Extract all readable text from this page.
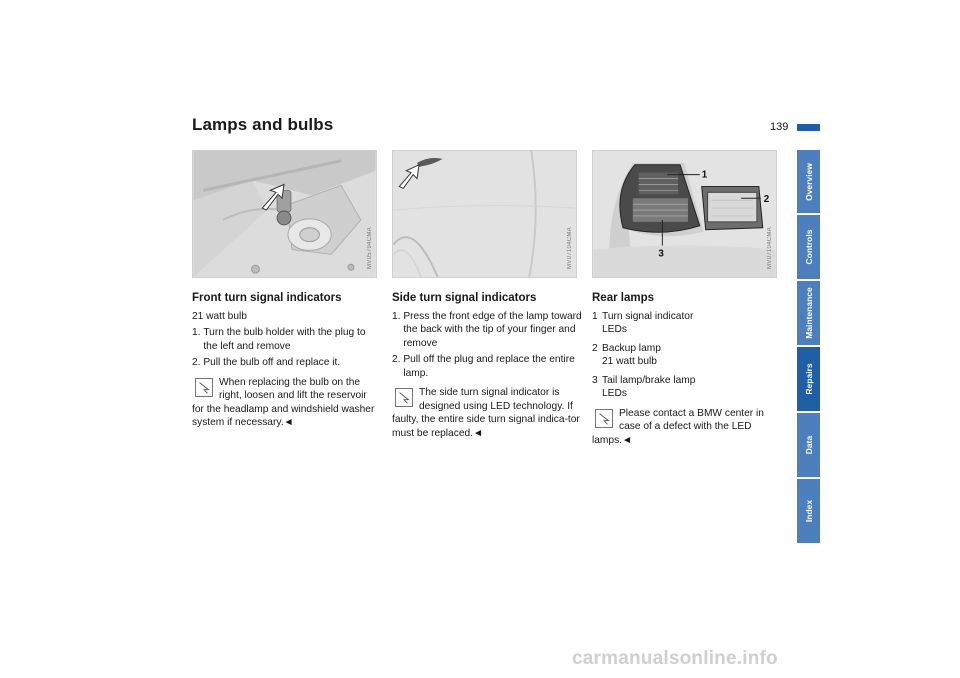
Lamps and bulbs	139
MV05794CMA	MV07104CMA
1
2
3	MV07104CMA
Front turn signal indicators

21 watt bulb

1. Turn the bulb holder with the plug to the left and remove
2. Pull the bulb off and replace it.
When replacing the bulb on the right, loosen and lift the reservoir
for the headlamp and windshield washer system if necessary.◄
Side turn signal indicators
1. Press the front edge of the lamp toward the back with the tip of your finger and remove
2. Pull off the plug and replace the entire lamp.
The side turn signal indicator is designed using LED technology. If
faulty, the entire side turn signal indica-tor must be replaced.◄
Rear lamps
1 Turn signal indicator
LEDs
2 Backup lamp
21 watt bulb
3 Tail lamp/brake lamp
LEDs
Please contact a BMW center in case of a defect with the LED
lamps.◄
Overview
Controls
Maintenance
Repairs
Data
Index
carmanualsonline.info
